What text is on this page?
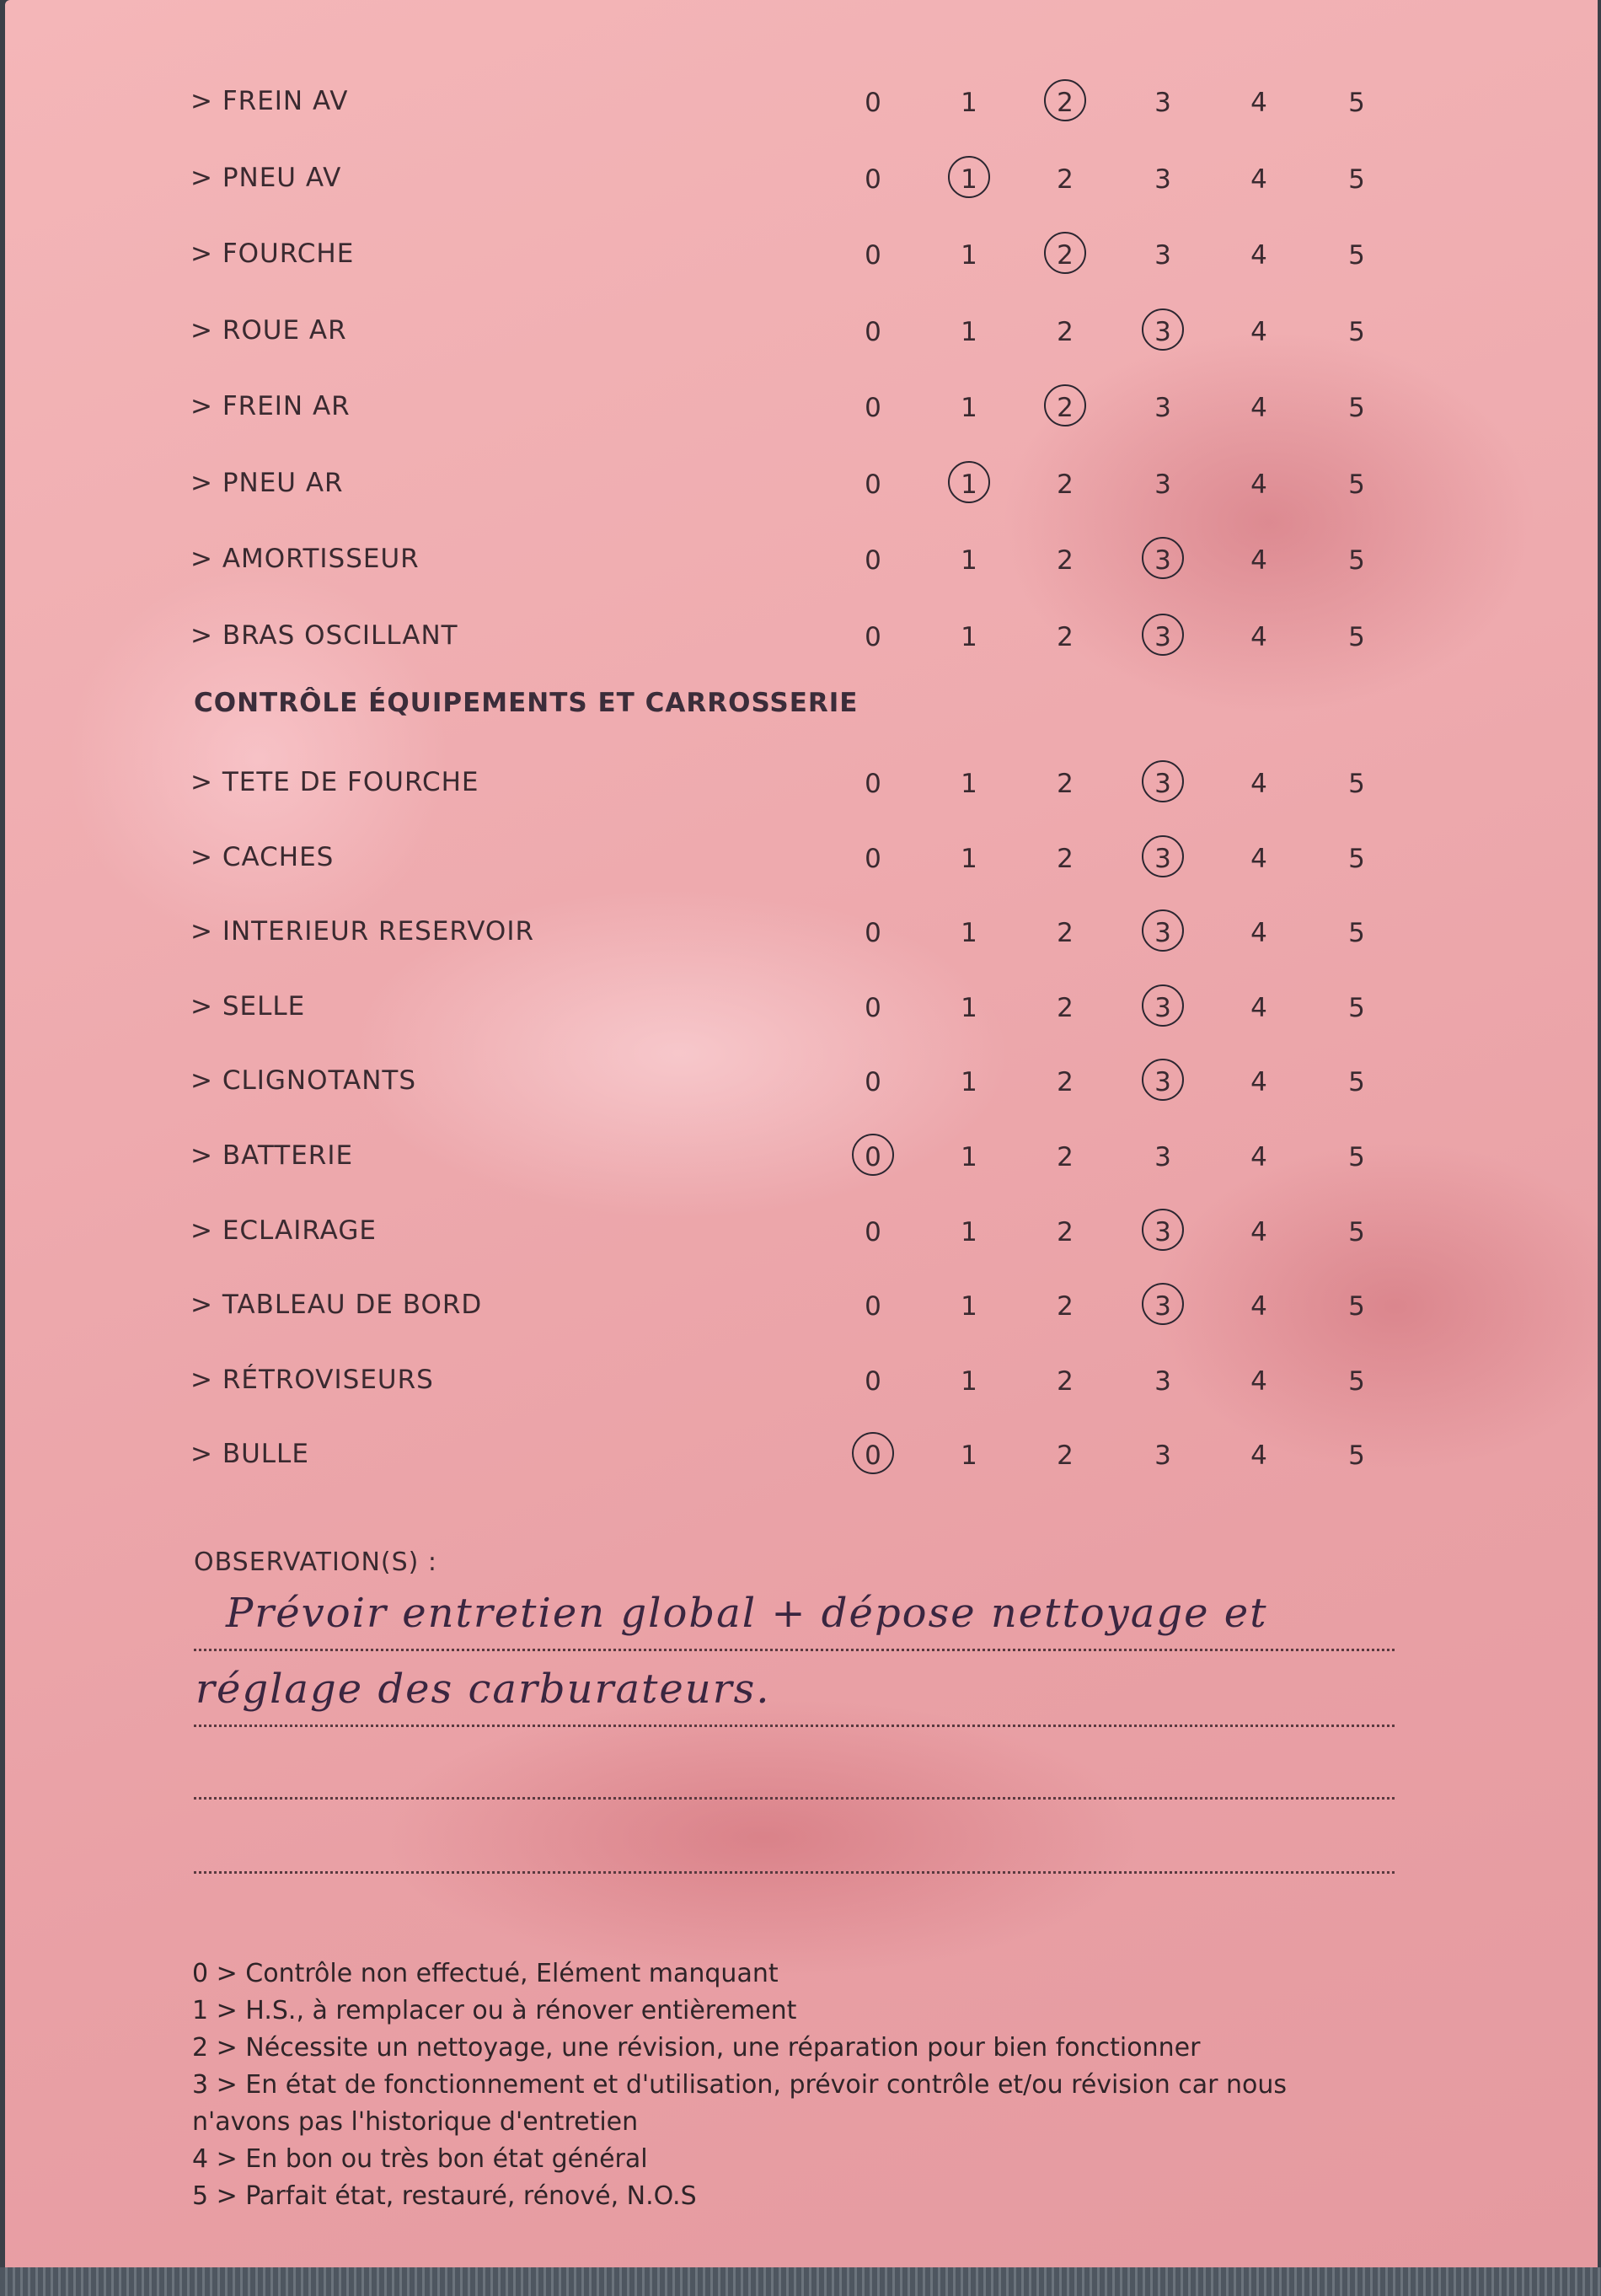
> FREIN AV	0	1	2	3	4	5
> PNEU AV	0	1	2	3	4	5
> FOURCHE	0	1	2	3	4	5
> ROUE AR	0	1	2	3	4	5
> FREIN AR	0	1	2	3	4	5
> PNEU AR	0	1	2	3	4	5
> AMORTISSEUR	0	1	2	3	4	5
> BRAS OSCILLANT	0	1	2	3	4	5
CONTRÔLE ÉQUIPEMENTS ET CARROSSERIE
> TETE DE FOURCHE	0	1	2	3	4	5
> CACHES	0	1	2	3	4	5
> INTERIEUR RESERVOIR	0	1	2	3	4	5
> SELLE	0	1	2	3	4	5
> CLIGNOTANTS	0	1	2	3	4	5
> BATTERIE	0	1	2	3	4	5
> ECLAIRAGE	0	1	2	3	4	5
> TABLEAU DE BORD	0	1	2	3	4	5
> RÉTROVISEURS	0	1	2	3	4	5
> BULLE	0	1	2	3	4	5
OBSERVATION(S) :
Prévoir entretien global + dépose nettoyage et
réglage des carburateurs.
0 > Contrôle non effectué, Elément manquant
1 > H.S., à remplacer ou à rénover entièrement
2 > Nécessite un nettoyage, une révision, une réparation pour bien fonctionner
3 > En état de fonctionnement et d'utilisation, prévoir contrôle et/ou révision car nous
n'avons pas l'historique d'entretien
4 > En bon ou très bon état général
5 > Parfait état, restauré, rénové, N.O.S
